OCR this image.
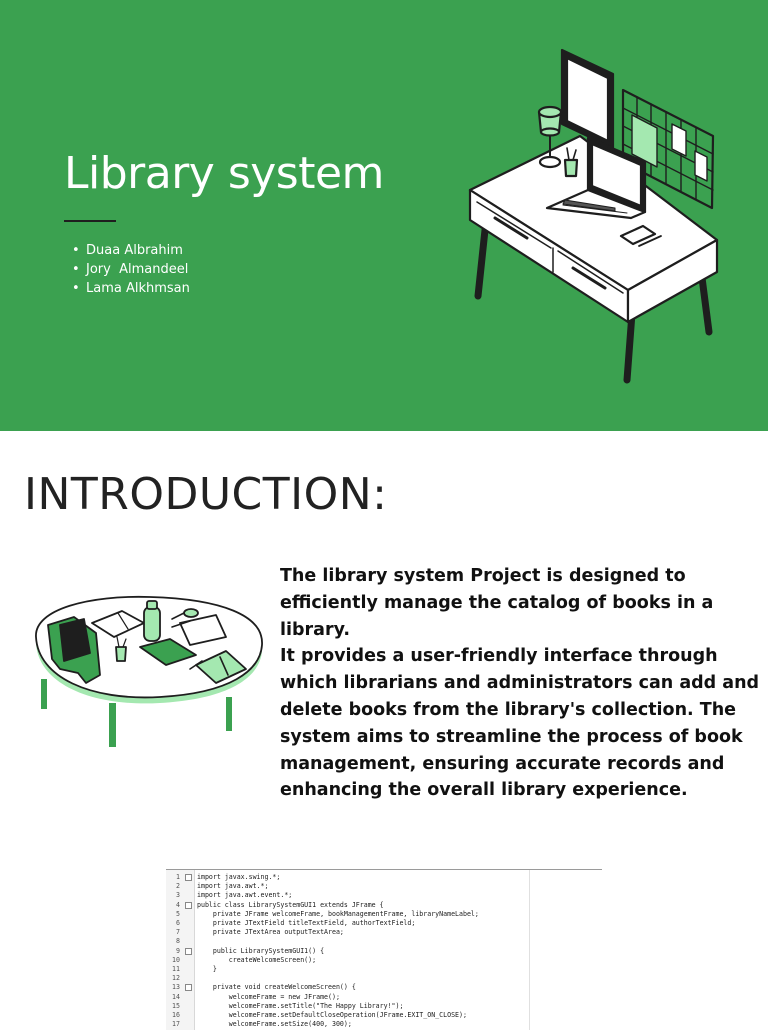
Library system
• Duaa Albrahim
• Jory  Almandeel
• Lama Alkhmsan
INTRODUCTION:

The library system Project is designed to efficiently manage the catalog of books in a library.

It provides a user-friendly interface through which librarians and administrators can add and delete books from the library's collection. The system aims to streamline the process of book management, ensuring accurate records and enhancing the overall library experience.

1	import javax.swing.*;
2	import java.awt.*;
3	import java.awt.event.*;
4	public class LibrarySystemGUI1 extends JFrame {
5	private JFrame welcomeFrame, bookManagementFrame, libraryNameLabel;
6	private JTextField titleTextField, authorTextField;
7	private JTextArea outputTextArea;
8
9	public LibrarySystemGUI1() {
10	createWelcomeScreen();
11	}
12
13	private void createWelcomeScreen() {
14	welcomeFrame = new JFrame();
15	welcomeFrame.setTitle("The Happy Library!");
16	welcomeFrame.setDefaultCloseOperation(JFrame.EXIT_ON_CLOSE);
17	welcomeFrame.setSize(400, 300);
